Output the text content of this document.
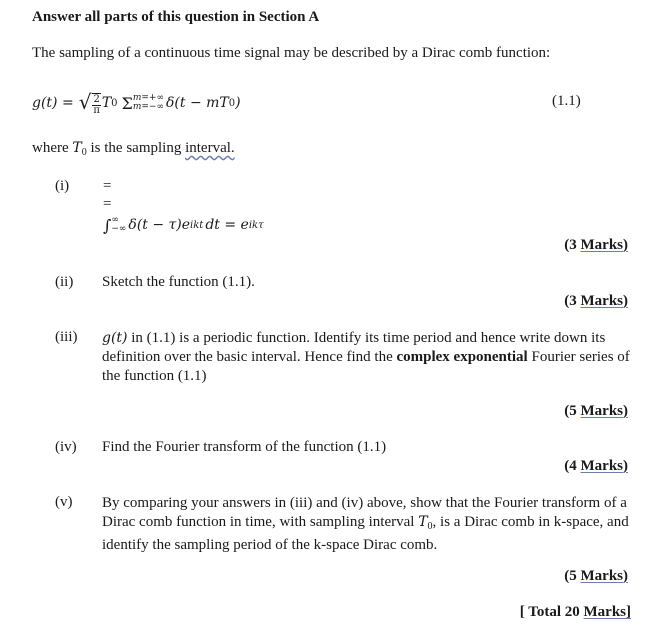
Answer all parts of this question in Section A
The sampling of a continuous time signal may be described by a Dirac comb function:
g(t) = √ $\frac{2}{\pi}$ T 0 Σ m=+∞
m=−∞ δ(t − mT 0 )	(1.1)
where $T_0$ is the sampling interval.
(i) =
=
∫ ∞
−∞ δ(t − τ)e ikt dt = e ikτ
(3 Marks)
(ii) Sketch the function (1.1).
(3 Marks)
(iii) g(t) in (1.1) is a periodic function. Identify its time period and hence write down its definition over the basic interval. Hence find the complex exponential Fourier series of the function (1.1)
(5 Marks)
(iv) Find the Fourier transform of the function (1.1)
(4 Marks)
(v) By comparing your answers in (iii) and (iv) above, show that the Fourier transform of a Dirac comb function in time, with sampling interval $T_0$, is a Dirac comb in k-space, and identify the sampling period of the k-space Dirac comb.
(5 Marks)
[ Total 20 Marks]
